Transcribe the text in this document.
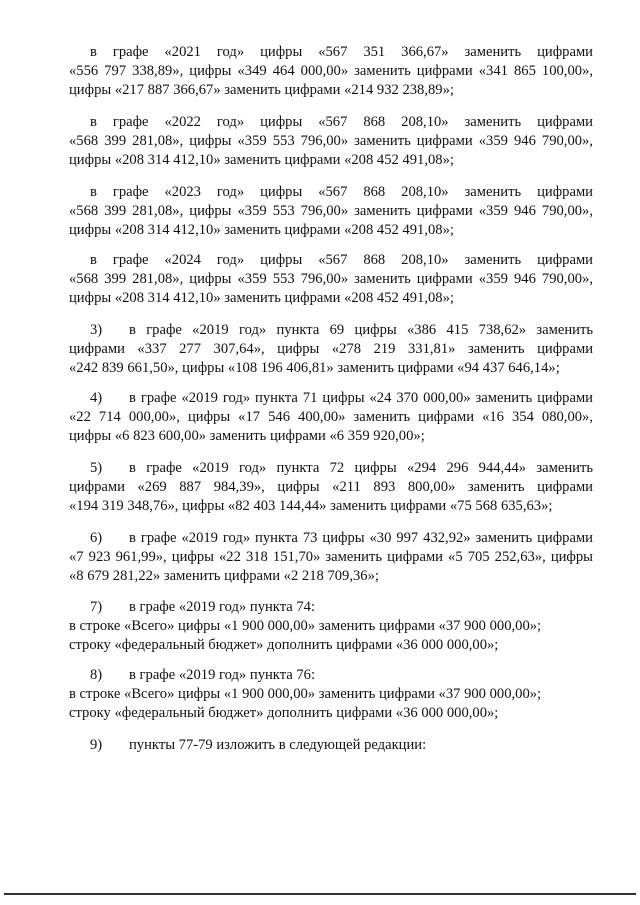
в графе «2021 год» цифры «567 351 366,67» заменить цифрами
«556 797 338,89», цифры «349 464 000,00» заменить цифрами «341 865 100,00»,
цифры «217 887 366,67» заменить цифрами «214 932 238,89»;
в графе «2022 год» цифры «567 868 208,10» заменить цифрами
«568 399 281,08», цифры «359 553 796,00» заменить цифрами «359 946 790,00»,
цифры «208 314 412,10» заменить цифрами «208 452 491,08»;
в графе «2023 год» цифры «567 868 208,10» заменить цифрами
«568 399 281,08», цифры «359 553 796,00» заменить цифрами «359 946 790,00»,
цифры «208 314 412,10» заменить цифрами «208 452 491,08»;
в графе «2024 год» цифры «567 868 208,10» заменить цифрами
«568 399 281,08», цифры «359 553 796,00» заменить цифрами «359 946 790,00»,
цифры «208 314 412,10» заменить цифрами «208 452 491,08»;
3) в графе «2019 год» пункта 69 цифры «386 415 738,62» заменить
цифрами «337 277 307,64», цифры «278 219 331,81» заменить цифрами
«242 839 661,50», цифры «108 196 406,81» заменить цифрами «94 437 646,14»;
4) в графе «2019 год» пункта 71 цифры «24 370 000,00» заменить цифрами
«22 714 000,00», цифры «17 546 400,00» заменить цифрами «16 354 080,00»,
цифры «6 823 600,00» заменить цифрами «6 359 920,00»;
5) в графе «2019 год» пункта 72 цифры «294 296 944,44» заменить
цифрами «269 887 984,39», цифры «211 893 800,00» заменить цифрами
«194 319 348,76», цифры «82 403 144,44» заменить цифрами «75 568 635,63»;
6) в графе «2019 год» пункта 73 цифры «30 997 432,92» заменить цифрами
«7 923 961,99», цифры «22 318 151,70» заменить цифрами «5 705 252,63», цифры
«8 679 281,22» заменить цифрами «2 218 709,36»;
7) в графе «2019 год» пункта 74:
в строке «Всего» цифры «1 900 000,00» заменить цифрами «37 900 000,00»;
строку «федеральный бюджет» дополнить цифрами «36 000 000,00»;
8) в графе «2019 год» пункта 76:
в строке «Всего» цифры «1 900 000,00» заменить цифрами «37 900 000,00»;
строку «федеральный бюджет» дополнить цифрами «36 000 000,00»;
9) пункты 77-79 изложить в следующей редакции:
